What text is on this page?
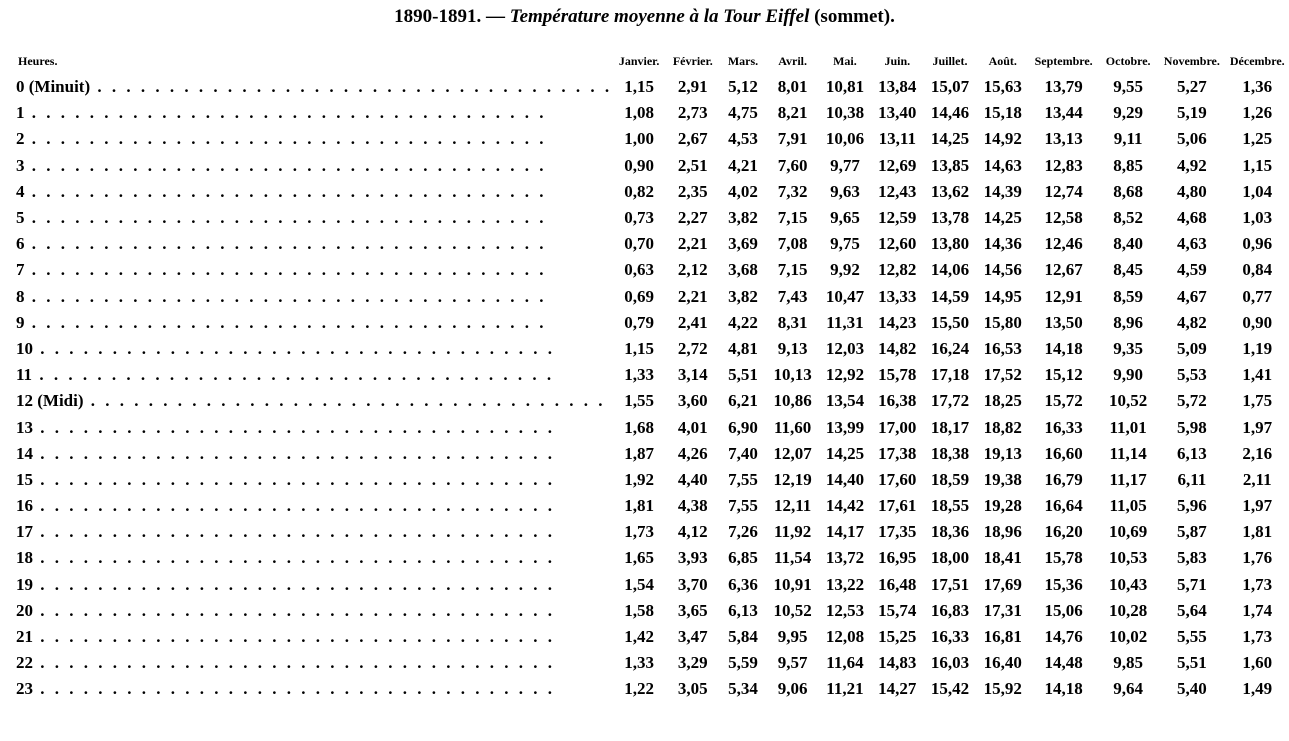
1890-1891. — Température moyenne à la Tour Eiffel (sommet).
Heures.	Janvier.	Février.	Mars.	Avril.	Mai.	Juin.	Juillet.	Août.	Septembre.	Octobre.	Novembre.	Décembre.

0 (Minuit) . . . . . . . . . . . . . . . . . . . . . . . . . . . . . . . . . . . .	1,15	2,91	5,12	8,01	10,81	13,84	15,07	15,63	13,79	9,55	5,27	1,36

1 . . . . . . . . . . . . . . . . . . . . . . . . . . . . . . . . . . . .	1,08	2,73	4,75	8,21	10,38	13,40	14,46	15,18	13,44	9,29	5,19	1,26

2 . . . . . . . . . . . . . . . . . . . . . . . . . . . . . . . . . . . .	1,00	2,67	4,53	7,91	10,06	13,11	14,25	14,92	13,13	9,11	5,06	1,25

3 . . . . . . . . . . . . . . . . . . . . . . . . . . . . . . . . . . . .	0,90	2,51	4,21	7,60	9,77	12,69	13,85	14,63	12,83	8,85	4,92	1,15

4 . . . . . . . . . . . . . . . . . . . . . . . . . . . . . . . . . . . .	0,82	2,35	4,02	7,32	9,63	12,43	13,62	14,39	12,74	8,68	4,80	1,04

5 . . . . . . . . . . . . . . . . . . . . . . . . . . . . . . . . . . . .	0,73	2,27	3,82	7,15	9,65	12,59	13,78	14,25	12,58	8,52	4,68	1,03

6 . . . . . . . . . . . . . . . . . . . . . . . . . . . . . . . . . . . .	0,70	2,21	3,69	7,08	9,75	12,60	13,80	14,36	12,46	8,40	4,63	0,96

7 . . . . . . . . . . . . . . . . . . . . . . . . . . . . . . . . . . . .	0,63	2,12	3,68	7,15	9,92	12,82	14,06	14,56	12,67	8,45	4,59	0,84

8 . . . . . . . . . . . . . . . . . . . . . . . . . . . . . . . . . . . .	0,69	2,21	3,82	7,43	10,47	13,33	14,59	14,95	12,91	8,59	4,67	0,77

9 . . . . . . . . . . . . . . . . . . . . . . . . . . . . . . . . . . . .	0,79	2,41	4,22	8,31	11,31	14,23	15,50	15,80	13,50	8,96	4,82	0,90

10 . . . . . . . . . . . . . . . . . . . . . . . . . . . . . . . . . . . .	1,15	2,72	4,81	9,13	12,03	14,82	16,24	16,53	14,18	9,35	5,09	1,19

11 . . . . . . . . . . . . . . . . . . . . . . . . . . . . . . . . . . . .	1,33	3,14	5,51	10,13	12,92	15,78	17,18	17,52	15,12	9,90	5,53	1,41

12 (Midi) . . . . . . . . . . . . . . . . . . . . . . . . . . . . . . . . . . . .	1,55	3,60	6,21	10,86	13,54	16,38	17,72	18,25	15,72	10,52	5,72	1,75

13 . . . . . . . . . . . . . . . . . . . . . . . . . . . . . . . . . . . .	1,68	4,01	6,90	11,60	13,99	17,00	18,17	18,82	16,33	11,01	5,98	1,97

14 . . . . . . . . . . . . . . . . . . . . . . . . . . . . . . . . . . . .	1,87	4,26	7,40	12,07	14,25	17,38	18,38	19,13	16,60	11,14	6,13	2,16

15 . . . . . . . . . . . . . . . . . . . . . . . . . . . . . . . . . . . .	1,92	4,40	7,55	12,19	14,40	17,60	18,59	19,38	16,79	11,17	6,11	2,11

16 . . . . . . . . . . . . . . . . . . . . . . . . . . . . . . . . . . . .	1,81	4,38	7,55	12,11	14,42	17,61	18,55	19,28	16,64	11,05	5,96	1,97

17 . . . . . . . . . . . . . . . . . . . . . . . . . . . . . . . . . . . .	1,73	4,12	7,26	11,92	14,17	17,35	18,36	18,96	16,20	10,69	5,87	1,81

18 . . . . . . . . . . . . . . . . . . . . . . . . . . . . . . . . . . . .	1,65	3,93	6,85	11,54	13,72	16,95	18,00	18,41	15,78	10,53	5,83	1,76

19 . . . . . . . . . . . . . . . . . . . . . . . . . . . . . . . . . . . .	1,54	3,70	6,36	10,91	13,22	16,48	17,51	17,69	15,36	10,43	5,71	1,73

20 . . . . . . . . . . . . . . . . . . . . . . . . . . . . . . . . . . . .	1,58	3,65	6,13	10,52	12,53	15,74	16,83	17,31	15,06	10,28	5,64	1,74

21 . . . . . . . . . . . . . . . . . . . . . . . . . . . . . . . . . . . .	1,42	3,47	5,84	9,95	12,08	15,25	16,33	16,81	14,76	10,02	5,55	1,73

22 . . . . . . . . . . . . . . . . . . . . . . . . . . . . . . . . . . . .	1,33	3,29	5,59	9,57	11,64	14,83	16,03	16,40	14,48	9,85	5,51	1,60

23 . . . . . . . . . . . . . . . . . . . . . . . . . . . . . . . . . . . .	1,22	3,05	5,34	9,06	11,21	14,27	15,42	15,92	14,18	9,64	5,40	1,49
